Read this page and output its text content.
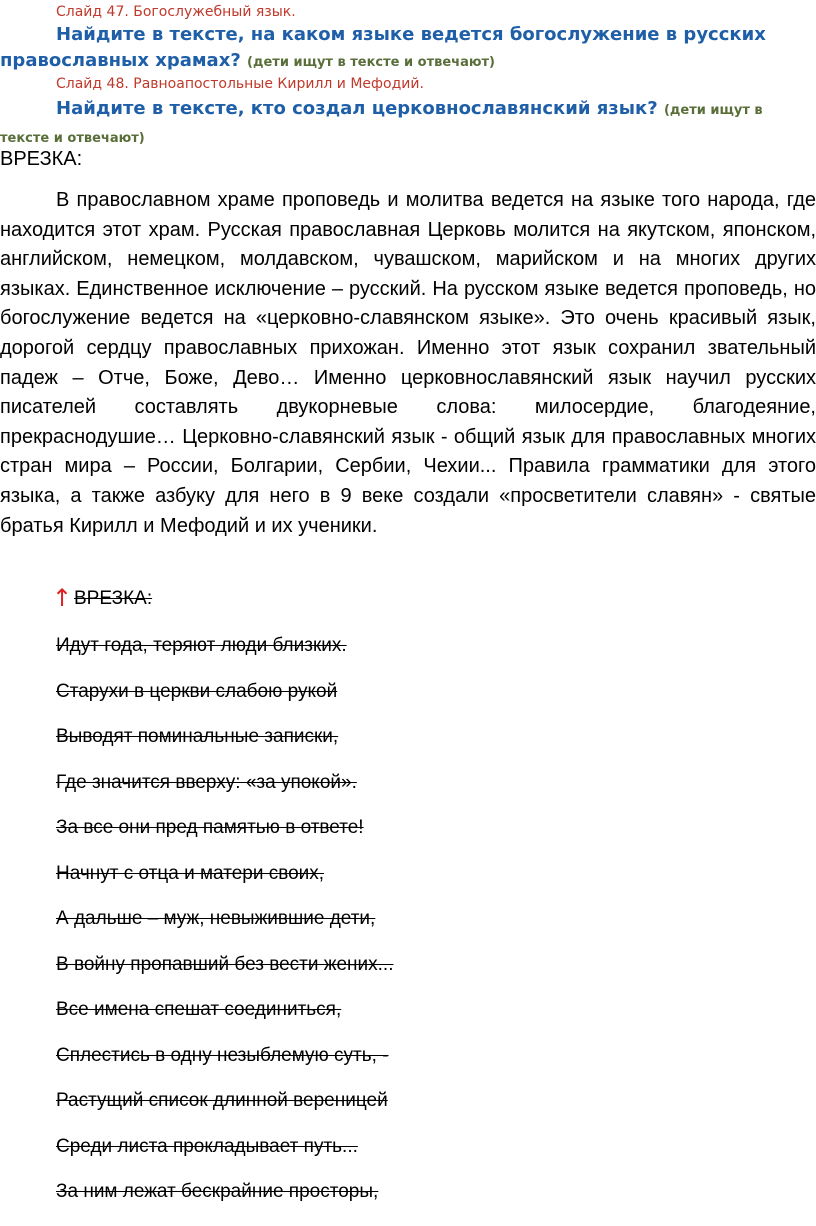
Слайд 47. Богослужебный язык.
Найдите в тексте, на каком языке ведется богослужение в русских православных храмах? (дети ищут в тексте и отвечают)
Слайд 48. Равноапостольные Кирилл и Мефодий.
Найдите в тексте, кто создал церковнославянский язык? (дети ищут в тексте и отвечают)
ВРЕЗКА:

В православном храме проповедь и молитва ведется на языке того народа, где находится этот храм. Русская православная Церковь молится на якутском, японском, английском, немецком, молдавском, чувашском, марийском и на многих других языках. Единственное исключение – русский. На русском языке ведется проповедь, но богослужение ведется на «церковно-славянском языке». Это очень красивый язык, дорогой сердцу православных прихожан. Именно этот язык сохранил звательный падеж – Отче, Боже, Дево… Именно церковнославянский язык научил русских писателей составлять двукорневые слова: милосердие, благодеяние, прекраснодушие… Церковно-славянский язык - общий язык для православных многих стран мира – России, Болгарии, Сербии, Чехии... Правила грамматики для этого языка, а также азбуку для него в 9 веке создали «просветители славян» - святые братья Кирилл и Мефодий и их ученики.

↑ ВРЕЗКА:
Идут года, теряют люди близких.
Старухи в церкви слабою рукой
Выводят поминальные записки,
Где значится вверху: «за упокой».
За все они пред памятью в ответе!
Начнут с отца и матери своих,
А дальше – муж, невыжившие дети,
В войну пропавший без вести жених...
Все имена спешат соединиться,
Сплестись в одну незыблемую суть, -
Растущий список длинной вереницей
Среди листа прокладывает путь...
За ним лежат бескрайние просторы,
